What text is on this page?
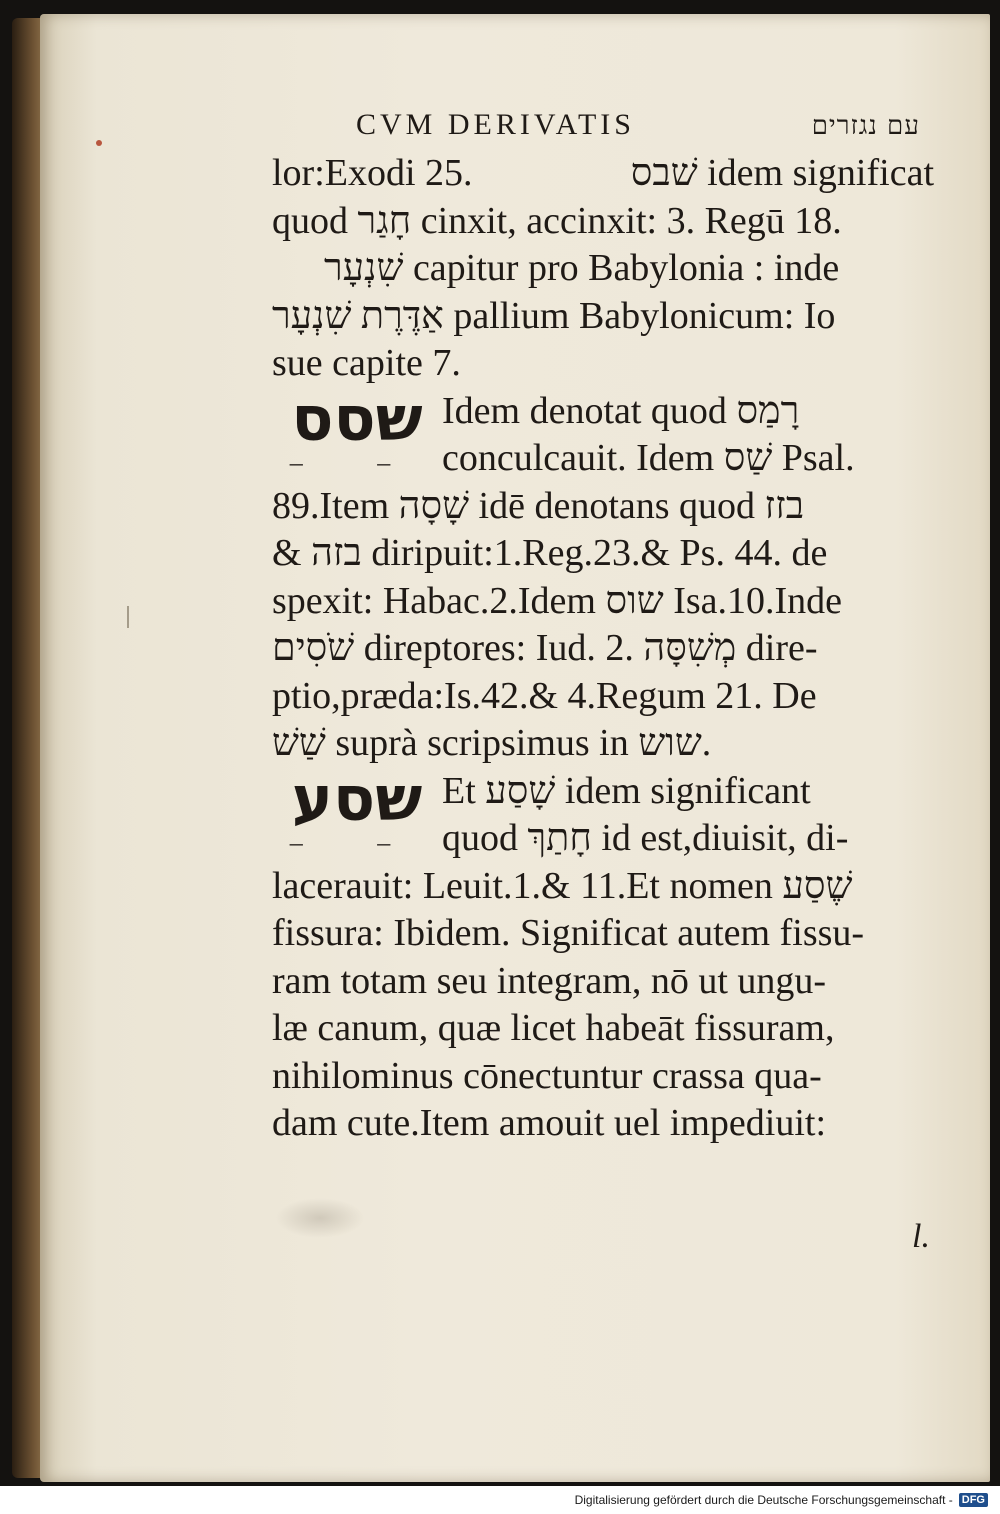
CVM DERIVATIS	עם נגזרים
lor:Exodi 25.	שׁבס idem significat
quod חָגַר cinxit, accinxit: 3. Regū 18.
שִׁנְעָר capitur pro Babylonia : inde
אַדֶּרֶת שִׁנְעָר pallium Babylonicum: Io
sue capite 7.
שסס
– –
Idem denotat quod רָמַס
conculcauit. Idem שַׁס Psal.
89.Item שָׁסָה idē denotans quod בזז
& בזה diripuit:1.Reg.23.& Ps. 44. de
spexit: Habac.2.Idem שוס Isa.10.Inde
שֹׁסִים direptores: Iud. 2. מְשִׁסָּה dire-
ptio,præda:Is.42.& 4.Regum 21. De
שַׁשׁ suprà scripsimus in שוש.
שסע
– –
Et שָׁסַע idem significant
quod חָתַךְ id est,diuisit, di-
lacerauit: Leuit.1.& 11.Et nomen שֶׁסַע
fissura: Ibidem. Significat autem fissu-
ram totam seu integram, nō ut ungu-
læ canum, quæ licet habeāt fissuram,
nihilominus cōnectuntur crassa qua-
dam cute.Item amouit uel impediuit:
l.
Digitalisierung gefördert durch die Deutsche Forschungsgemeinschaft - DFG
